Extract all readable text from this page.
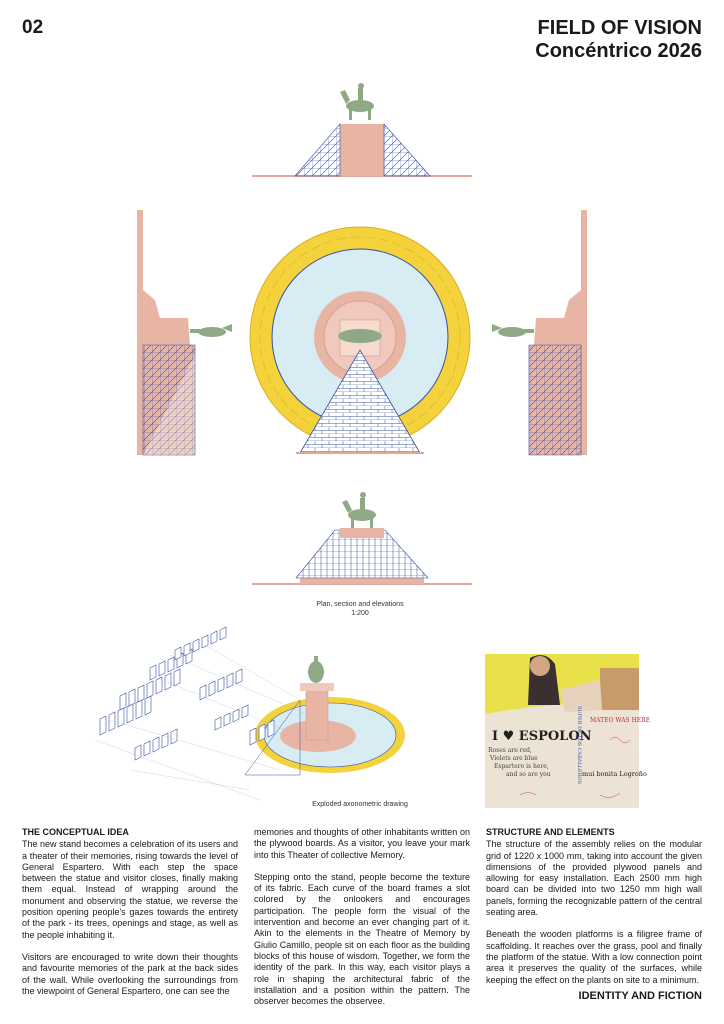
02	FIELD OF VISION
Concéntrico 2026
I ♥ ESPOLON
Roses are red,
Violets are blue
Espartero is here,
and so are you
MATEO WAS HERE
mui bonita Logroño
SUPER DE LOS CABALLEROS
Plan, section and elevations
1:200
Exploded axonometric drawing
THE CONCEPTUAL IDEA

The new stand becomes a celebration of its users and a theater of their memories, rising towards the level of General Espartero. With each step the space between the statue and visitor closes, finally making them equal. Instead of wrapping around the monument and observing the statue, we reverse the position opening people's gazes towards the entirety of the park - its trees, openings and stage, as well as the people inhabiting it.

Visitors are encouraged to write down their thoughts and favourite memories of the park at the back sides of the wall. While overlooking the surroundings from the viewpoint of General Espartero, one can see the

memories and thoughts of other inhabitants written on the plywood boards. As a visitor, you leave your mark into this Theater of collective Memory.

Stepping onto the stand, people become the texture of its fabric. Each curve of the board frames a slot colored by the onlookers and encourages participation. The people form the visual of the intervention and become an ever changing part of it. Akin to the elements in the Theatre of Memory by Giulio Camillo, people sit on each floor as the building blocks of this house of wisdom. Together, we form the identity of the park. In this way, each visitor plays a role in shaping the architectural fabric of the installation and a position within the pattern. The observer becomes the observee.

STRUCTURE AND ELEMENTS

The structure of the assembly relies on the modular grid of 1220 x 1000 mm, taking into account the given dimensions of the provided plywood panels and allowing for easy installation. Each 2500 mm high board can be divided into two 1250 mm high wall panels, forming the recognizable pattern of the central seating area.

Beneath the wooden platforms is a filigree frame of scaffolding. It reaches over the grass, pool and finally the platform of the statue. With a low connection point area it preserves the quality of the surfaces, while keeping the effect on the plants on site to a minimum.

IDENTITY AND FICTION
